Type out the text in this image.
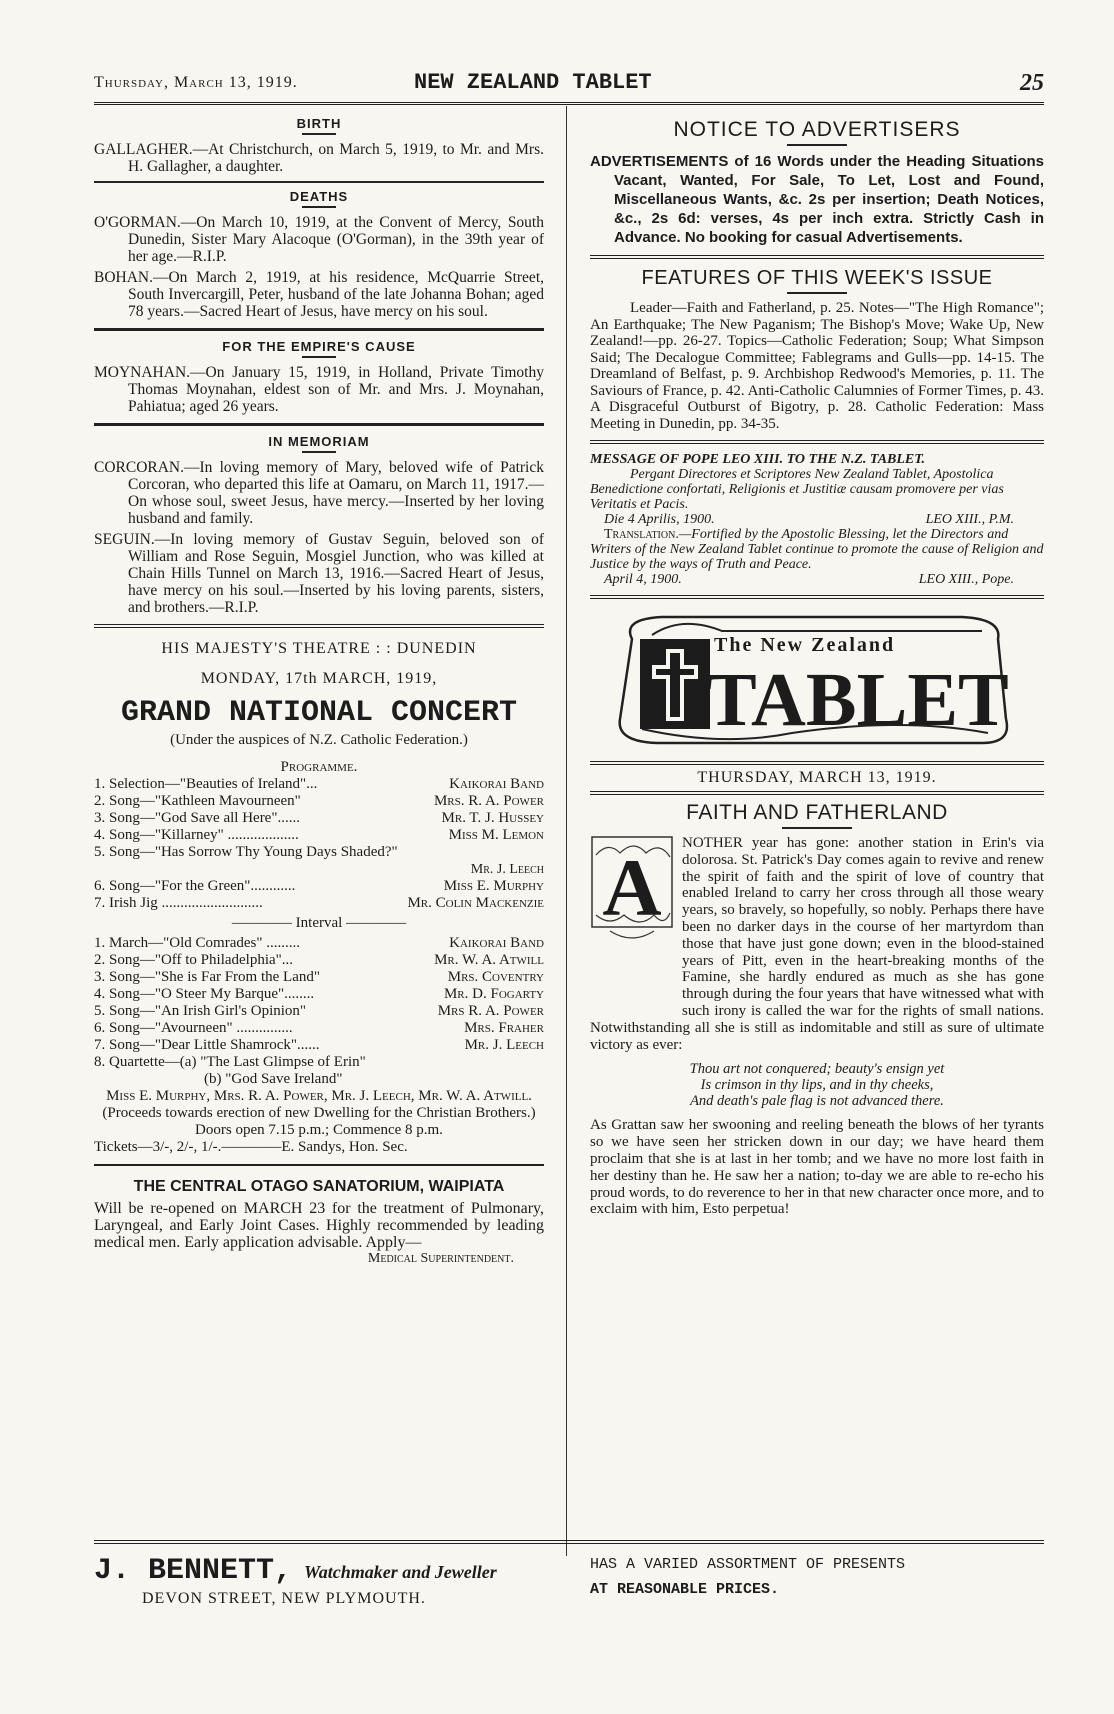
Thursday, March 13, 1919.	NEW ZEALAND TABLET	25
BIRTH

GALLAGHER.—At Christchurch, on March 5, 1919, to Mr. and Mrs. H. Gallagher, a daughter.

DEATHS

O'GORMAN.—On March 10, 1919, at the Convent of Mercy, South Dunedin, Sister Mary Alacoque (O'Gorman), in the 39th year of her age.—R.I.P.

BOHAN.—On March 2, 1919, at his residence, McQuarrie Street, South Invercargill, Peter, husband of the late Johanna Bohan; aged 78 years.—Sacred Heart of Jesus, have mercy on his soul.

FOR THE EMPIRE'S CAUSE

MOYNAHAN.—On January 15, 1919, in Holland, Private Timothy Thomas Moynahan, eldest son of Mr. and Mrs. J. Moynahan, Pahiatua; aged 26 years.

IN MEMORIAM

CORCORAN.—In loving memory of Mary, beloved wife of Patrick Corcoran, who departed this life at Oamaru, on March 11, 1917.—On whose soul, sweet Jesus, have mercy.—Inserted by her loving husband and family.

SEGUIN.—In loving memory of Gustav Seguin, beloved son of William and Rose Seguin, Mosgiel Junction, who was killed at Chain Hills Tunnel on March 13, 1916.—Sacred Heart of Jesus, have mercy on his soul.—Inserted by his loving parents, sisters, and brothers.—R.I.P.

HIS MAJESTY'S THEATRE : : DUNEDIN
MONDAY, 17th MARCH, 1919,
GRAND NATIONAL CONCERT
(Under the auspices of N.Z. Catholic Federation.)
Programme.
1. Selection—"Beauties of Ireland"...	Kaikorai Band
2. Song—"Kathleen Mavourneen"	Mrs. R. A. Power
3. Song—"God Save all Here"......	Mr. T. J. Hussey
4. Song—"Killarney" ...................	Miss M. Lemon
5. Song—"Has Sorrow Thy Young Days Shaded?"
Mr. J. Leech
6. Song—"For the Green"............	Miss E. Murphy
7. Irish Jig ...........................	Mr. Colin Mackenzie
———— Interval ————
1. March—"Old Comrades" .........	Kaikorai Band
2. Song—"Off to Philadelphia"...	Mr. W. A. Atwill
3. Song—"She is Far From the Land"	Mrs. Coventry
4. Song—"O Steer My Barque"........	Mr. D. Fogarty
5. Song—"An Irish Girl's Opinion"	Mrs R. A. Power
6. Song—"Avourneen" ...............	Mrs. Fraher
7. Song—"Dear Little Shamrock"......	Mr. J. Leech
8. Quartette—(a) "The Last Glimpse of Erin"
(b) "God Save Ireland"
Miss E. Murphy, Mrs. R. A. Power, Mr. J. Leech, Mr. W. A. Atwill.
(Proceeds towards erection of new Dwelling for the Christian Brothers.)
Doors open 7.15 p.m.; Commence 8 p.m.
Tickets—3/-, 2/-, 1/-.————E. Sandys, Hon. Sec.
THE CENTRAL OTAGO SANATORIUM, WAIPIATA
Will be re-opened on MARCH 23 for the treatment of Pulmonary, Laryngeal, and Early Joint Cases. Highly recommended by leading medical men. Early application advisable. Apply—
Medical Superintendent.
NOTICE TO ADVERTISERS
ADVERTISEMENTS of 16 Words under the Heading Situations Vacant, Wanted, For Sale, To Let, Lost and Found, Miscellaneous Wants, &c. 2s per insertion; Death Notices, &c., 2s 6d: verses, 4s per inch extra. Strictly Cash in Advance. No booking for casual Advertisements.
FEATURES OF THIS WEEK'S ISSUE
Leader—Faith and Fatherland, p. 25. Notes—"The High Romance"; An Earthquake; The New Paganism; The Bishop's Move; Wake Up, New Zealand!—pp. 26-27. Topics—Catholic Federation; Soup; What Simpson Said; The Decalogue Committee; Fablegrams and Gulls—pp. 14-15. The Dreamland of Belfast, p. 9. Archbishop Redwood's Memories, p. 11. The Saviours of France, p. 42. Anti-Catholic Calumnies of Former Times, p. 43. A Disgraceful Outburst of Bigotry, p. 28. Catholic Federation: Mass Meeting in Dunedin, pp. 34-35.
MESSAGE OF POPE LEO XIII. TO THE N.Z. TABLET.
Pergant Directores et Scriptores New Zealand Tablet, Apostolica Benedictione confortati, Religionis et Justitiæ causam promovere per vias Veritatis et Pacis.
Die 4 Aprilis, 1900.	LEO XIII., P.M.
Translation.—Fortified by the Apostolic Blessing, let the Directors and Writers of the New Zealand Tablet continue to promote the cause of Religion and Justice by the ways of Truth and Peace.
April 4, 1900.	LEO XIII., Pope.
The New Zealand
TABLET
THURSDAY, MARCH 13, 1919.
FAITH AND FATHERLAND
A NOTHER year has gone: another station in Erin's via dolorosa. St. Patrick's Day comes again to revive and renew the spirit of faith and the spirit of love of country that enabled Ireland to carry her cross through all those weary years, so bravely, so hopefully, so nobly. Perhaps there have been no darker days in the course of her martyrdom than those that have just gone down; even in the blood-stained years of Pitt, even in the heart-breaking months of the Famine, she hardly endured as much as she has gone through during the four years that have witnessed what with such irony is called the war for the rights of small nations. Notwithstanding all she is still as indomitable and still as sure of ultimate victory as ever:
Thou art not conquered; beauty's ensign yet
Is crimson in thy lips, and in thy cheeks,
And death's pale flag is not advanced there.
As Grattan saw her swooning and reeling beneath the blows of her tyrants so we have seen her stricken down in our day; we have heard them proclaim that she is at last in her tomb; and we have no more lost faith in her destiny than he. He saw her a nation; to-day we are able to re-echo his proud words, to do reverence to her in that new character once more, and to exclaim with him, Esto perpetua!
J. BENNETT, Watchmaker and Jeweller
DEVON STREET, NEW PLYMOUTH.
HAS A VARIED ASSORTMENT OF PRESENTS
AT REASONABLE PRICES.
